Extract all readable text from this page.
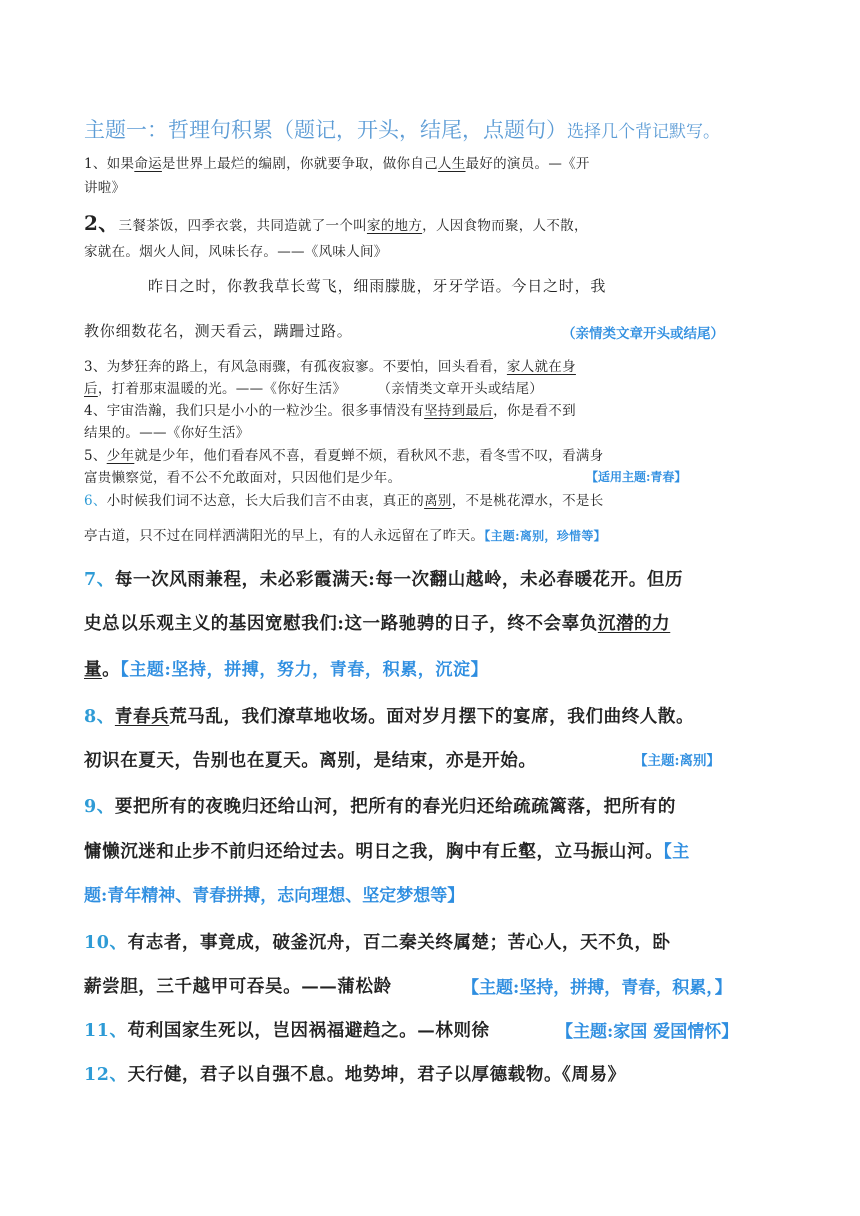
主题一：哲理句积累（题记，开头，结尾，点题句）选择几个背记默写。
1、如果命运是世界上最烂的编剧，你就要争取，做你自己人生最好的演员。—《开
讲啦》
2、三餐茶饭，四季衣裳，共同造就了一个叫家的地方，人因食物而聚，人不散，
家就在。烟火人间，风味长存。——《风味人间》
昨日之时，你教我草长莺飞，细雨朦胧，牙牙学语。今日之时，我
教你细数花名，测天看云，蹒跚过路。	（亲情类文章开头或结尾）
3、为梦狂奔的路上，有风急雨骤，有孤夜寂寥。不要怕，回头看看，家人就在身
后，打着那束温暖的光。——《你好生活》	（亲情类文章开头或结尾）
4、宇宙浩瀚，我们只是小小的一粒沙尘。很多事情没有坚持到最后，你是看不到
结果的。——《你好生活》
5、少年就是少年，他们看春风不喜，看夏蝉不烦，看秋风不悲，看冬雪不叹，看满身
富贵懒察觉，看不公不允敢面对，只因他们是少年。	【适用主题:青春】
6、小时候我们词不达意，长大后我们言不由衷，真正的离别，不是桃花潭水，不是长
亭古道，只不过在同样洒满阳光的早上，有的人永远留在了昨天。【主题:离别，珍惜等】
7、每一次风雨兼程，未必彩霞满天:每一次翻山越岭，未必春暖花开。但历
史总以乐观主义的基因宽慰我们:这一路驰骋的日子，终不会辜负沉潜的力
量。【主题:坚持，拼搏，努力，青春，积累，沉淀】
8、青春兵荒马乱，我们潦草地收场。面对岁月摆下的宴席，我们曲终人散。
初识在夏天，告别也在夏天。离别，是结束，亦是开始。	【主题:离别】
9、要把所有的夜晚归还给山河，把所有的春光归还给疏疏篱落，把所有的
慵懒沉迷和止步不前归还给过去。明日之我，胸中有丘壑，立马振山河。【主
题:青年精神、青春拼搏，志向理想、坚定梦想等】
10、有志者，事竟成，破釜沉舟，百二秦关终属楚；苦心人，天不负，卧
薪尝胆，三千越甲可吞吴。——蒲松龄	【主题:坚持，拼搏，青春，积累，】
11、苟利国家生死以，岂因祸福避趋之。—林则徐	【主题:家国 爱国情怀】
12、天行健，君子以自强不息。地势坤，君子以厚德载物。《周易》
